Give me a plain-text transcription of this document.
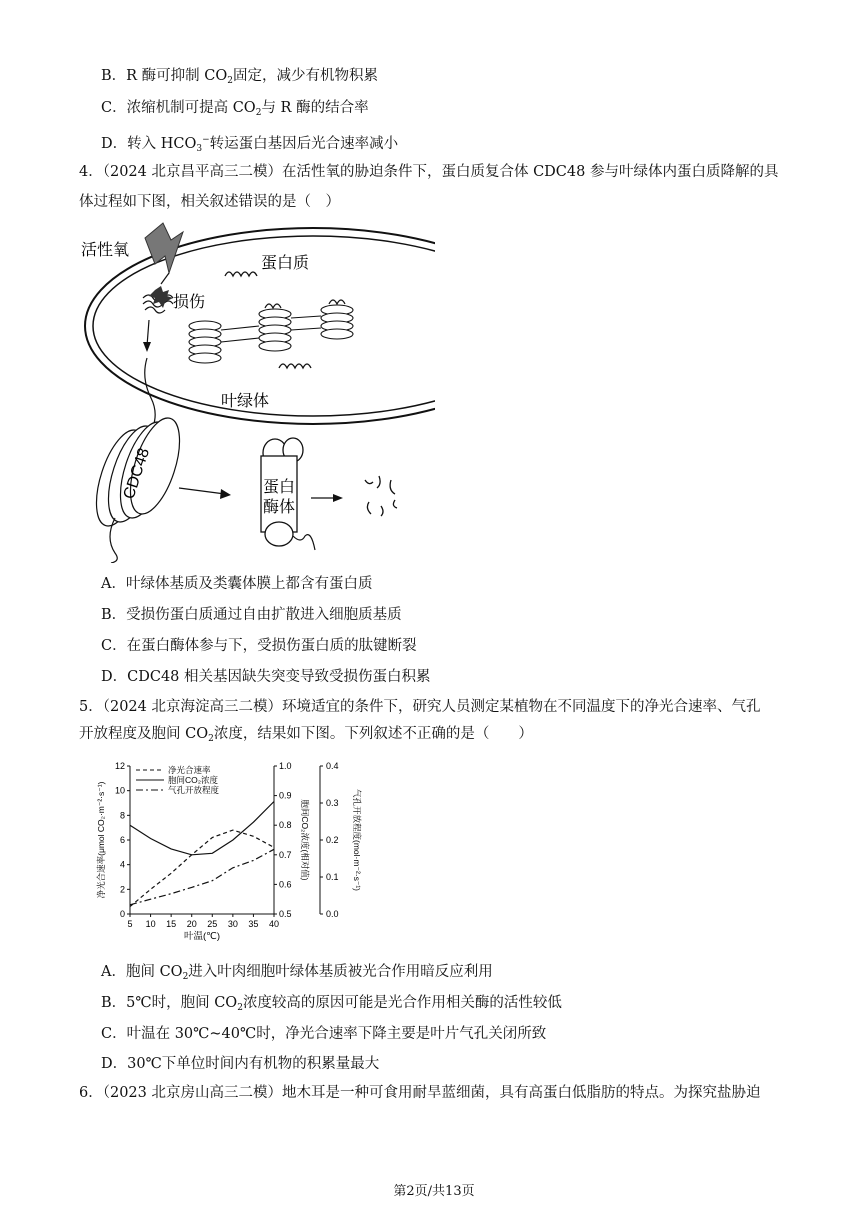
B．R 酶可抑制 $CO_2$固定，减少有机物积累
C．浓缩机制可提高 $CO_2$与 R 酶的结合率
D．转入 $HCO_3^-$转运蛋白基因后光合速率减小
4．（2024 北京昌平高三二模）在活性氧的胁迫条件下，蛋白质复合体 CDC48 参与叶绿体内蛋白质降解的具
体过程如下图，相关叙述错误的是（　）
活性氧
损伤
蛋白质
叶绿体
CDC48	蛋白
酶体
A．叶绿体基质及类囊体膜上都含有蛋白质
B．受损伤蛋白质通过自由扩散进入细胞质基质
C．在蛋白酶体参与下，受损伤蛋白质的肽键断裂
D．CDC48 相关基因缺失突变导致受损伤蛋白积累
5．（2024 北京海淀高三二模）环境适宜的条件下，研究人员测定某植物在不同温度下的净光合速率、气孔
开放程度及胞间 $CO_2$浓度，结果如下图。下列叙述不正确的是（　　）
5 10 15 20 25 30 35 40
叶温(℃)
0
2
4
6
8
10
12
净光合速率(μmol CO₂·m⁻²·s⁻¹)
0.5
0.6
0.7
0.8
0.9
1.0
胞间CO₂浓度(相对值)
0.0
0.1
0.2
0.3
0.4
气孔开放程度(mol·m⁻²·s⁻¹)
净光合速率
胞间CO₂浓度
气孔开放程度
A．胞间 $CO_2$进入叶肉细胞叶绿体基质被光合作用暗反应利用
B．5℃时，胞间 $CO_2$浓度较高的原因可能是光合作用相关酶的活性较低
C．叶温在 30℃~40℃时，净光合速率下降主要是叶片气孔关闭所致
D．30℃下单位时间内有机物的积累量最大
6．（2023 北京房山高三二模）地木耳是一种可食用耐旱蓝细菌，具有高蛋白低脂肪的特点。为探究盐胁迫
第2页/共13页
